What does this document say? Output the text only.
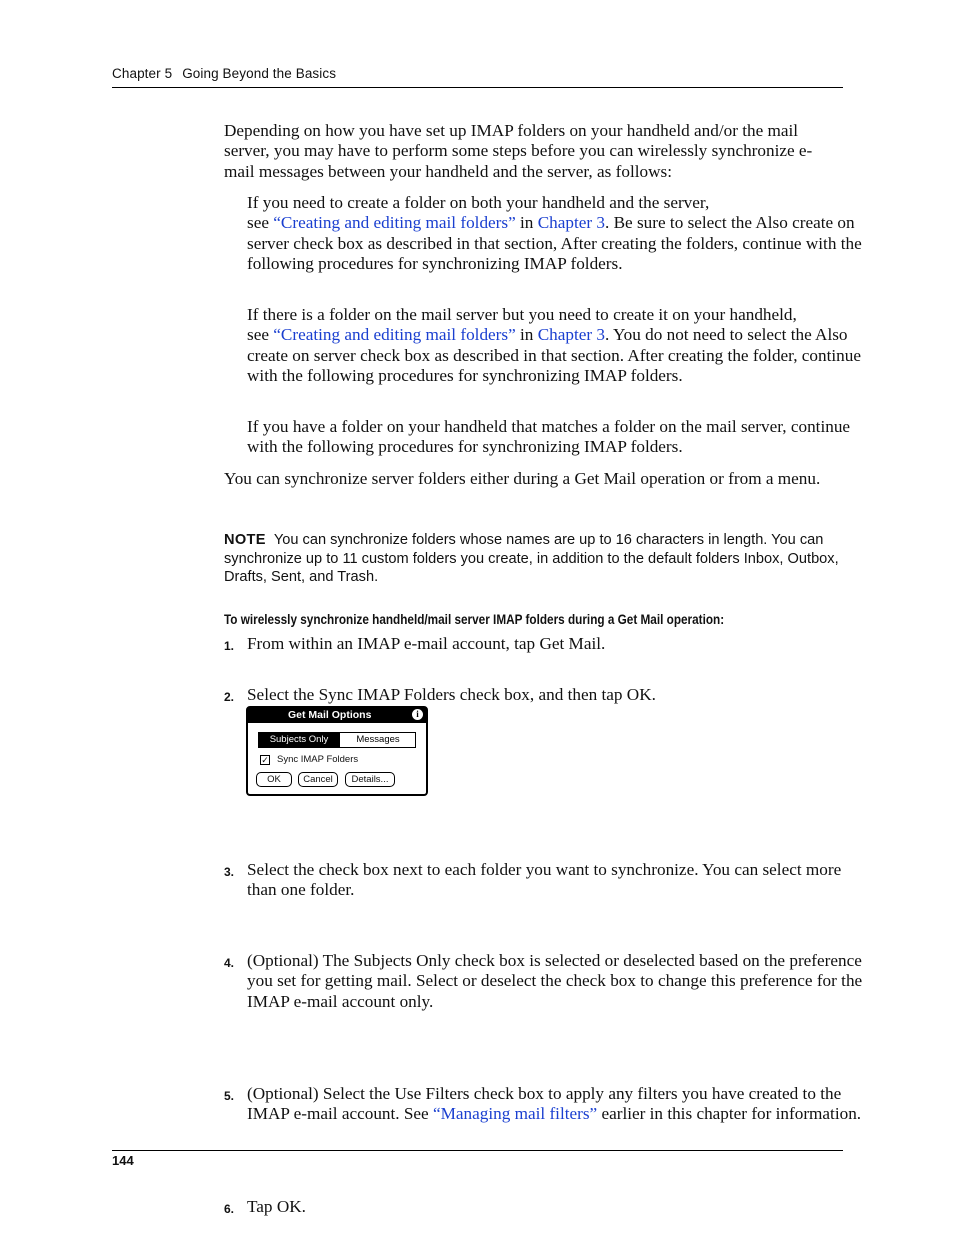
Chapter 5 Going Beyond the Basics

Depending on how you have set up IMAP folders on your handheld and/or the mail server, you may have to perform some steps before you can wirelessly synchronize e-mail messages between your handheld and the server, as follows:

If you need to create a folder on both your handheld and the server,
see “Creating and editing mail folders” in Chapter 3. Be sure to select the Also create on server check box as described in that section, After creating the folders, continue with the following procedures for synchronizing IMAP folders.

If there is a folder on the mail server but you need to create it on your handheld,
see “Creating and editing mail folders” in Chapter 3. You do not need to select the Also create on server check box as described in that section. After creating the folder, continue with the following procedures for synchronizing IMAP folders.

If you have a folder on your handheld that matches a folder on the mail server, continue with the following procedures for synchronizing IMAP folders.

You can synchronize server folders either during a Get Mail operation or from a menu.

NOTE You can synchronize folders whose names are up to 16 characters in length. You can synchronize up to 11 custom folders you create, in addition to the default folders Inbox, Outbox, Drafts, Sent, and Trash.
To wirelessly synchronize handheld/mail server IMAP folders during a Get Mail operation:
1. From within an IMAP e-mail account, tap Get Mail.
2. Select the Sync IMAP Folders check box, and then tap OK.
Get Mail Options	i
Subjects Only	Messages
✓ Sync IMAP Folders
OK	Cancel	Details...
3. Select the check box next to each folder you want to synchronize. You can select more than one folder.
4. (Optional) The Subjects Only check box is selected or deselected based on the preference you set for getting mail. Select or deselect the check box to change this preference for the IMAP e-mail account only.
5. (Optional) Select the Use Filters check box to apply any filters you have created to the IMAP e-mail account. See “Managing mail filters” earlier in this chapter for information.
6. Tap OK.
144
